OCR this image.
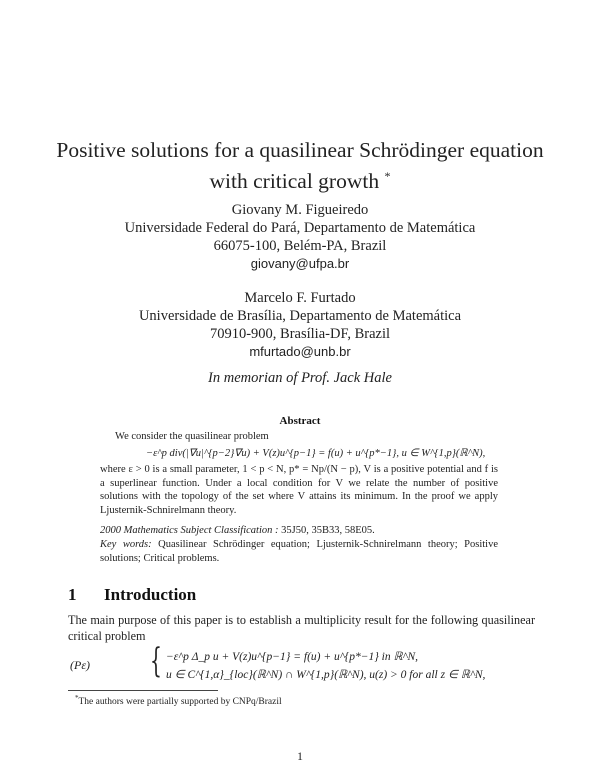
Positive solutions for a quasilinear Schrödinger equation
with critical growth *
Giovany M. Figueiredo
Universidade Federal do Pará, Departamento de Matemática
66075-100, Belém-PA, Brazil
giovany@ufpa.br
Marcelo F. Furtado
Universidade de Brasília, Departamento de Matemática
70910-900, Brasília-DF, Brazil
mfurtado@unb.br
In memorian of Prof. Jack Hale
Abstract
We consider the quasilinear problem
−ε^p div(|∇u|^{p−2}∇u) + V(z)u^{p−1} = f(u) + u^{p*−1}, u ∈ W^{1,p}(ℝ^N),
where ε > 0 is a small parameter, 1 < p < N, p* = Np/(N − p), V is a positive potential and f is a superlinear function. Under a local condition for V we relate the number of positive solutions with the topology of the set where V attains its minimum. In the proof we apply Ljusternik-Schnirelmann theory.
2000 Mathematics Subject Classification : 35J50, 35B33, 58E05.
Key words: Quasilinear Schrödinger equation; Ljusternik-Schnirelmann theory; Positive solutions; Critical problems.
1 Introduction
The main purpose of this paper is to establish a multiplicity result for the following quasilinear critical problem
(Pε) { −ε^p Δ_p u + V(z)u^{p−1} = f(u) + u^{p*−1} in ℝ^N,
u ∈ C^{1,α}_{loc}(ℝ^N) ∩ W^{1,p}(ℝ^N), u(z) > 0 for all z ∈ ℝ^N,
*The authors were partially supported by CNPq/Brazil
1
